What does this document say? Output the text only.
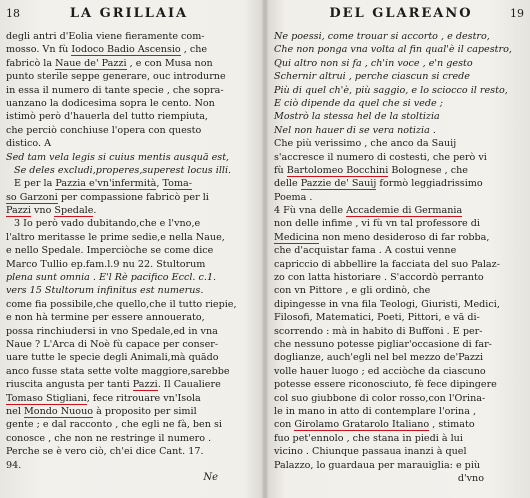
18	LA GRILLAIA
degli antri d'Eolia viene fieramente com-
mosso. Vn fù Iodoco Badio Ascensio , che
fabricò la Naue de' Pazzi , e con Musa non
punto sterile seppe generare, ouc introdurne
in essa il numero di tante specie , che sopra-
uanzano la dodicesima sopra le cento. Non
istimò però d'hauerla del tutto riempiuta,
che perciò conchiuse l'opera con questo
distico. A
Sed tam vela legis si cuius mentis ausquā est,
Se deles excludi,properes,superest locus illi.
E per la Pazzia e'vn'infermità, Toma-
so Garzoni per compassione fabricò per li
Pazzi vno Spedale.
3 Io però vado dubitando,che e l'vno,e
l'altro meritasse le prime sedie,e nella Naue,
e nello Spedale. Imperciòche se come dice
Marco Tullio ep.fam.l.9 nu 22. Stultorum
plena sunt omnia . E'l Rè pacifico Eccl. c.1.
vers 15 Stultorum infinitus est numerus.
come fia possibile,che quello,che il tutto riepie,
e non hà termine per essere annouerato,
possa rinchiudersi in vno Spedale,ed in vna
Naue ? L'Arca di Noè fù capace per conser-
uare tutte le specie degli Animali,mà quādo
anco fusse stata sette volte maggiore,sarebbe
riuscita angusta per tanti Pazzi. Il Caualiere
Tomaso Stigliani, fece ritrouare vn'Isola
nel Mondo Nuouo à proposito per simil
gente ; e dal racconto , che egli ne fà, ben si
conosce , che non ne restringe il numero .
Perche se è vero ciò, ch'ei dice Cant. 17.
94.
Ne
DEL GLAREANO	19
Ne poessi, come trouar si accorto , e destro,
Che non ponga vna volta al fin qual'è il capestro,
Qui altro non si fa , ch'in voce , e'n gesto
Schernir altrui , perche ciascun si crede
Più di quel ch'è, più saggio, e lo sciocco il resto,
E ciò dipende da quel che si vede ;
Mostrò la stessa hel de la stoltizia
Nel non hauer di se vera notizia .
Che più verissimo , che anco da Sauij
s'accresce il numero di costesti, che però vi
fù Bartolomeo Bocchini Bolognese , che
delle Pazzie de' Sauij formò leggiadrissimo
Poema .
4 Fù vna delle Accademie di Germania
non delle infime , vi fù vn tal professore di
Medicina non meno desideroso di far robba,
che d'acquistar fama . A costui venne
capriccio di abbellire la facciata del suo Palaz-
zo con latta historiare . S'accordò perranto
con vn Pittore , e gli ordinò, che
dipingesse in vna fila Teologi, Giuristi, Medici,
Filosofi, Matematici, Poeti, Pittori, e vā di-
scorrendo : mà in habito di Buffoni . E per-
che nessuno potesse pigliar'occasione di far-
doglianze, auch'egli nel bel mezzo de'Pazzi
volle hauer luogo ; ed acciòche da ciascuno
potesse essere riconosciuto, fè fece dipingere
col suo giubbone di color rosso,con l'Orina-
le in mano in atto di contemplare l'orina ,
con Girolamo Gratarolo Italiano , stimato
fuo pet'ennolo , che stana in piedi à lui
vicino . Chiunque passaua inanzi à quel
Palazzo, lo guardaua per marauiglia: e più
d'vno
